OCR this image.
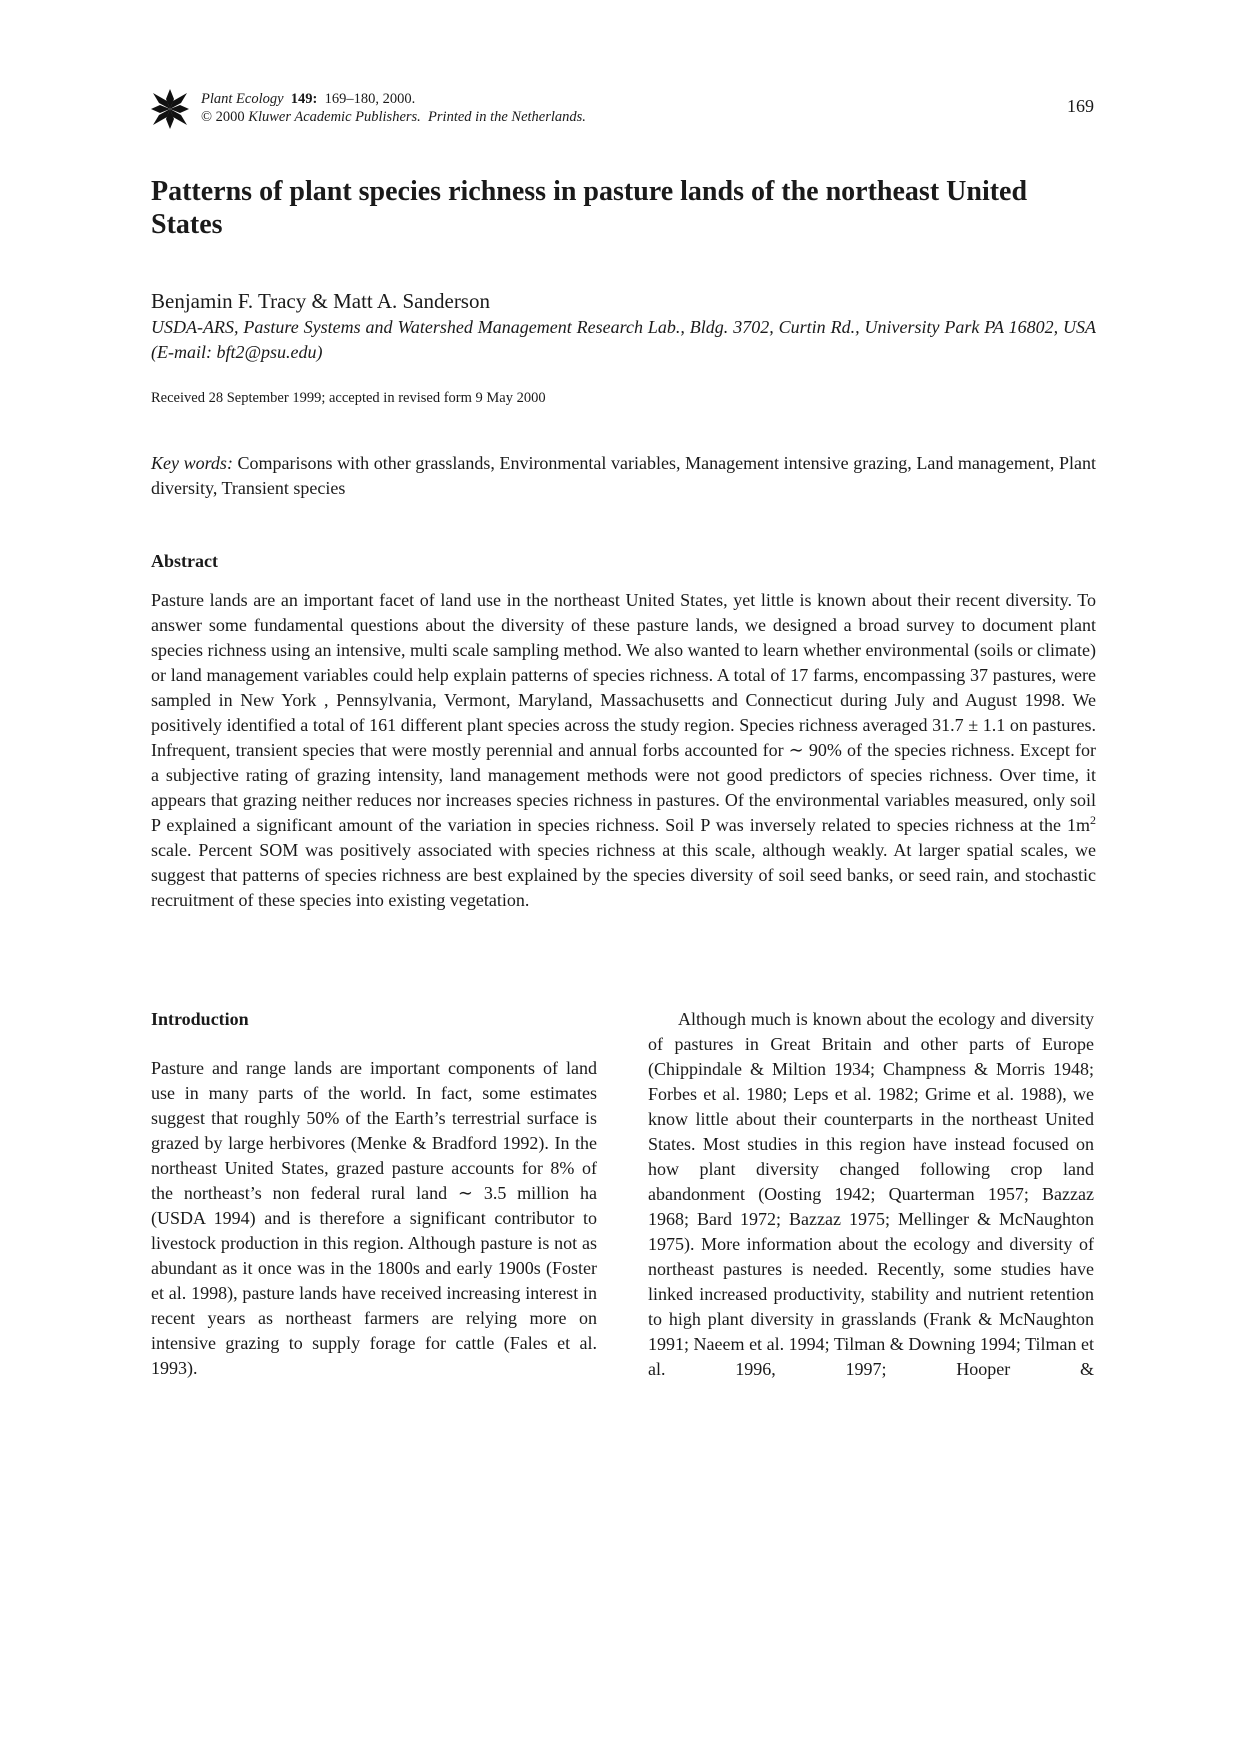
Plant Ecology 149: 169–180, 2000.
© 2000 Kluwer Academic Publishers. Printed in the Netherlands.
169
Patterns of plant species richness in pasture lands of the northeast United States
Benjamin F. Tracy & Matt A. Sanderson
USDA-ARS, Pasture Systems and Watershed Management Research Lab., Bldg. 3702, Curtin Rd., University Park PA 16802, USA (E-mail: bft2@psu.edu)
Received 28 September 1999; accepted in revised form 9 May 2000
Key words: Comparisons with other grasslands, Environmental variables, Management intensive grazing, Land management, Plant diversity, Transient species
Abstract

Pasture lands are an important facet of land use in the northeast United States, yet little is known about their recent diversity. To answer some fundamental questions about the diversity of these pasture lands, we designed a broad survey to document plant species richness using an intensive, multi scale sampling method. We also wanted to learn whether environmental (soils or climate) or land management variables could help explain patterns of species richness. A total of 17 farms, encompassing 37 pastures, were sampled in New York , Pennsylvania, Vermont, Maryland, Massachusetts and Connecticut during July and August 1998. We positively identified a total of 161 different plant species across the study region. Species richness averaged 31.7 ± 1.1 on pastures. Infrequent, transient species that were mostly perennial and annual forbs accounted for ∼ 90% of the species richness. Except for a subjective rating of grazing intensity, land management methods were not good predictors of species richness. Over time, it appears that grazing neither reduces nor increases species richness in pastures. Of the environmental variables measured, only soil P explained a significant amount of the variation in species richness. Soil P was inversely related to species richness at the $1m^2$ scale. Percent SOM was positively associated with species richness at this scale, although weakly. At larger spatial scales, we suggest that patterns of species richness are best explained by the species diversity of soil seed banks, or seed rain, and stochastic recruitment of these species into existing vegetation.

Introduction

Pasture and range lands are important components of land use in many parts of the world. In fact, some estimates suggest that roughly 50% of the Earth’s terrestrial surface is grazed by large herbivores (Menke & Bradford 1992). In the northeast United States, grazed pasture accounts for 8% of the northeast’s non federal rural land ∼ 3.5 million ha (USDA 1994) and is therefore a significant contributor to livestock production in this region. Although pasture is not as abundant as it once was in the 1800s and early 1900s (Foster et al. 1998), pasture lands have received increasing interest in recent years as northeast farmers are relying more on intensive grazing to supply forage for cattle (Fales et al. 1993).

Although much is known about the ecology and diversity of pastures in Great Britain and other parts of Europe (Chippindale & Miltion 1934; Champness & Morris 1948; Forbes et al. 1980; Leps et al. 1982; Grime et al. 1988), we know little about their counterparts in the northeast United States. Most studies in this region have instead focused on how plant diversity changed following crop land abandonment (Oosting 1942; Quarterman 1957; Bazzaz 1968; Bard 1972; Bazzaz 1975; Mellinger & McNaughton 1975). More information about the ecology and diversity of northeast pastures is needed. Recently, some studies have linked increased productivity, stability and nutrient retention to high plant diversity in grasslands (Frank & McNaughton 1991; Naeem et al. 1994; Tilman & Downing 1994; Tilman et al. 1996, 1997; Hooper &
